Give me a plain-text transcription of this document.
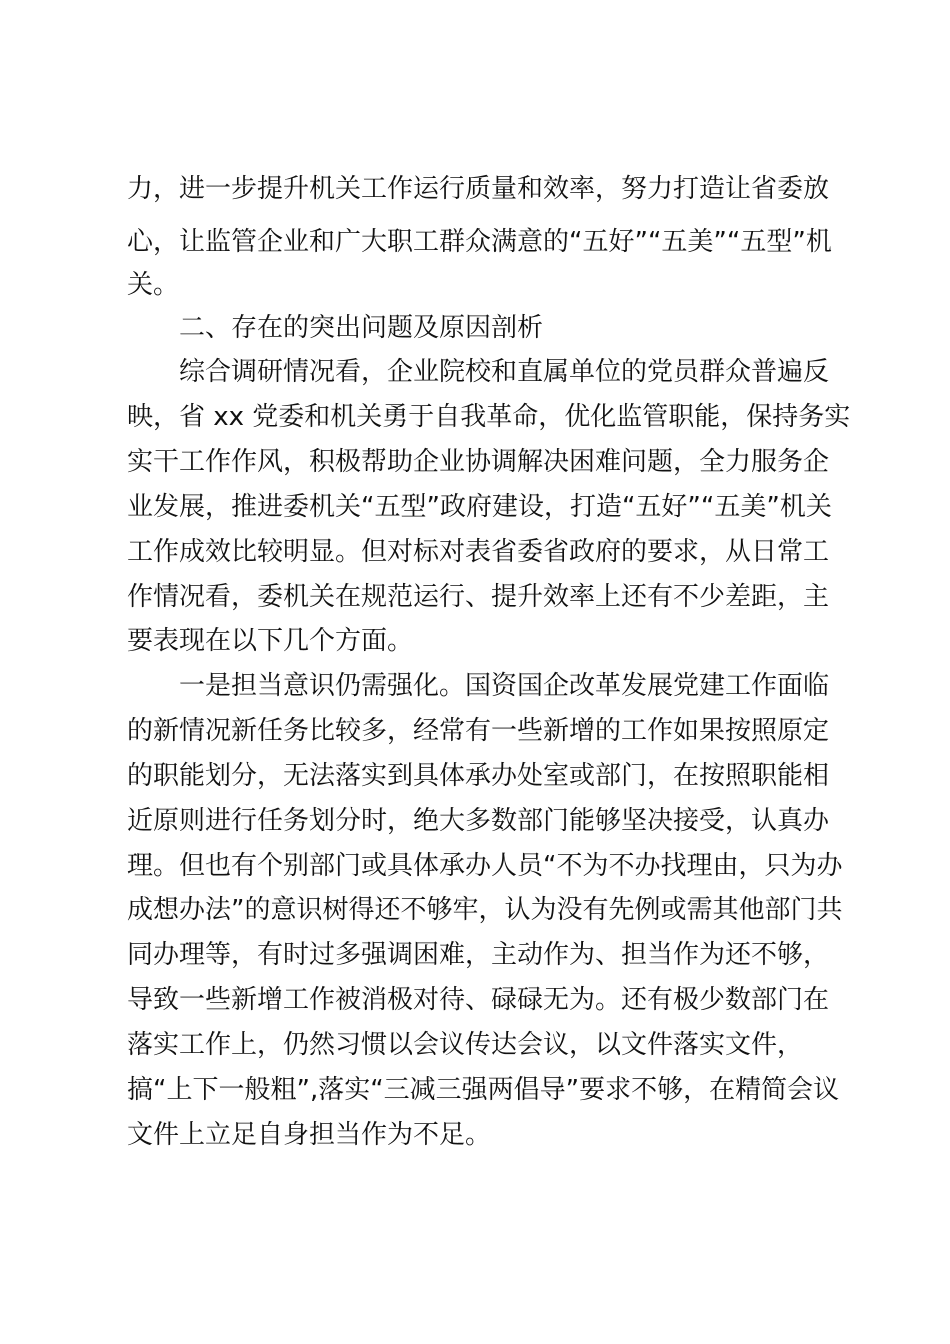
力，进一步提升机关工作运行质量和效率，努力打造让省委放
心，让监管企业和广大职工群众满意的“五好”“五美”“五型”机
关。
二、存在的突出问题及原因剖析
综合调研情况看，企业院校和直属单位的党员群众普遍反
映，省 xx 党委和机关勇于自我革命，优化监管职能，保持务实
实干工作作风，积极帮助企业协调解决困难问题，全力服务企
业发展，推进委机关“五型”政府建设，打造“五好”“五美”机关
工作成效比较明显。但对标对表省委省政府的要求，从日常工
作情况看，委机关在规范运行、提升效率上还有不少差距，主
要表现在以下几个方面。
一是担当意识仍需强化。国资国企改革发展党建工作面临
的新情况新任务比较多，经常有一些新增的工作如果按照原定
的职能划分，无法落实到具体承办处室或部门，在按照职能相
近原则进行任务划分时，绝大多数部门能够坚决接受，认真办
理。但也有个别部门或具体承办人员“不为不办找理由，只为办
成想办法”的意识树得还不够牢，认为没有先例或需其他部门共
同办理等，有时过多强调困难，主动作为、担当作为还不够，
导致一些新增工作被消极对待、碌碌无为。还有极少数部门在
落实工作上，仍然习惯以会议传达会议，以文件落实文件，
搞“上下一般粗”,落实“三减三强两倡导”要求不够，在精简会议
文件上立足自身担当作为不足。
